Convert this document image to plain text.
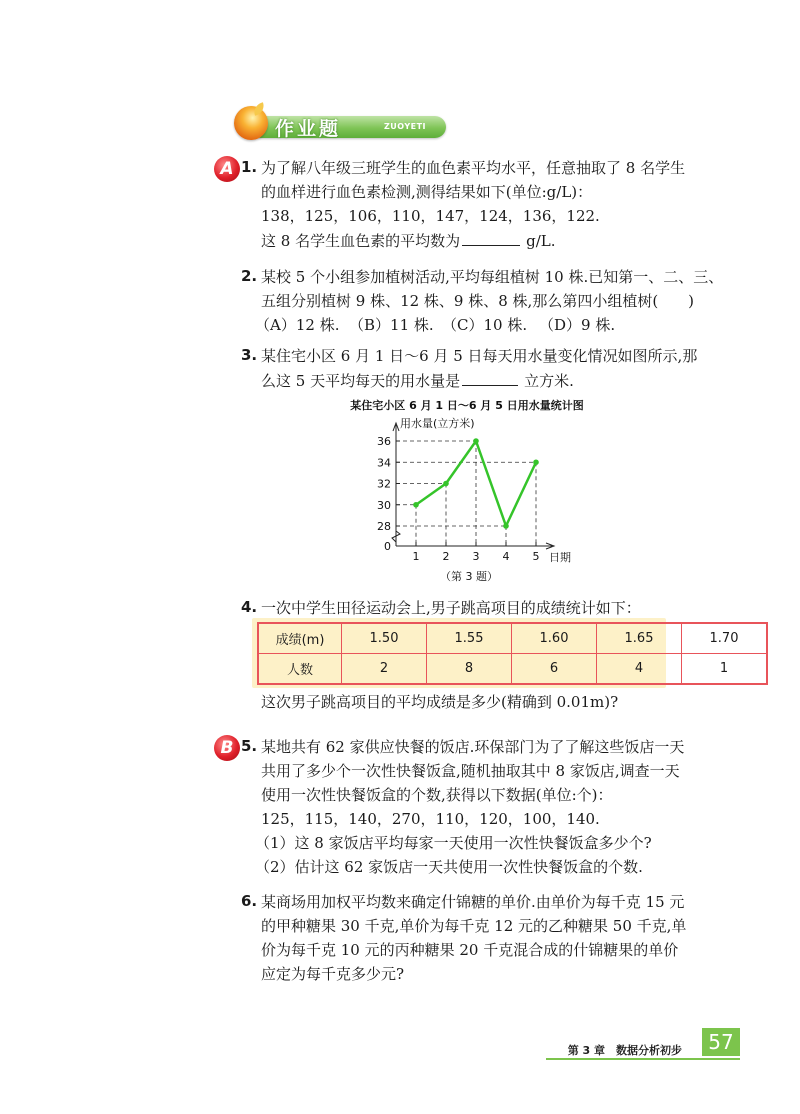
作业题	ZUOYETI
A 1. 为了解八年级三班学生的血色素平均水平，任意抽取了 8 名学生
的血样进行血色素检测,测得结果如下(单位:g/L)：
138，125，106，110，147，124，136，122.
这 8 名学生血色素的平均数为	g/L.
2. 某校 5 个小组参加植树活动,平均每组植树 10 株.已知第一、二、三、
五组分别植树 9 株、12 株、9 株、8 株,那么第四小组植树(　　)
（A）12 株. （B）11 株. （C）10 株. （D）9 株.
3. 某住宅小区 6 月 1 日～6 月 5 日每天用水量变化情况如图所示,那
么这 5 天平均每天的用水量是	立方米.
某住宅小区 6 月 1 日～6 月 5 日用水量统计图
用水量(立方米)
日期
（第 3 题）
0
28
30
32
34
36
1 2 3 4 5
4. 一次中学生田径运动会上,男子跳高项目的成绩统计如下：
成绩(m)	1.50	1.55	1.60	1.65	1.70
人数	2	8	6	4	1
这次男子跳高项目的平均成绩是多少(精确到 0.01m)?
B 5. 某地共有 62 家供应快餐的饭店.环保部门为了了解这些饭店一天
共用了多少个一次性快餐饭盒,随机抽取其中 8 家饭店,调查一天
使用一次性快餐饭盒的个数,获得以下数据(单位:个)：
125，115，140，270，110，120，100，140.
（1）这 8 家饭店平均每家一天使用一次性快餐饭盒多少个?
（2）估计这 62 家饭店一天共使用一次性快餐饭盒的个数.
6. 某商场用加权平均数来确定什锦糖的单价.由单价为每千克 15 元
的甲种糖果 30 千克,单价为每千克 12 元的乙种糖果 50 千克,单
价为每千克 10 元的丙种糖果 20 千克混合成的什锦糖果的单价
应定为每千克多少元?
第 3 章　数据分析初步	57
